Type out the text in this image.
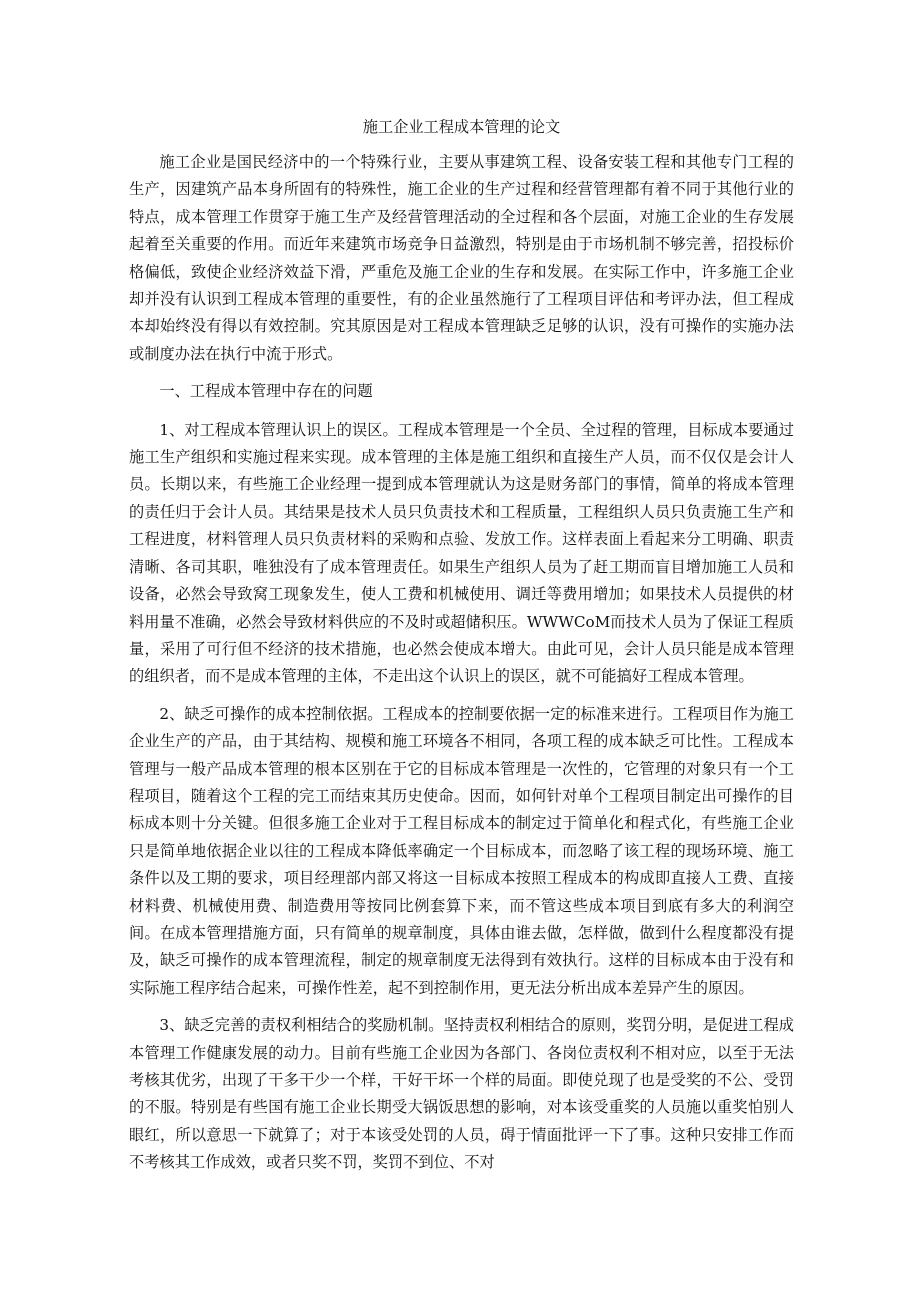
施工企业工程成本管理的论文

施工企业是国民经济中的一个特殊行业，主要从事建筑工程、设备安装工程和其他专门工程的生产，因建筑产品本身所固有的特殊性，施工企业的生产过程和经营管理都有着不同于其他行业的特点，成本管理工作贯穿于施工生产及经营管理活动的全过程和各个层面，对施工企业的生存发展起着至关重要的作用。而近年来建筑市场竞争日益激烈，特别是由于市场机制不够完善，招投标价格偏低，致使企业经济效益下滑，严重危及施工企业的生存和发展。在实际工作中，许多施工企业却并没有认识到工程成本管理的重要性，有的企业虽然施行了工程项目评估和考评办法，但工程成本却始终没有得以有效控制。究其原因是对工程成本管理缺乏足够的认识，没有可操作的实施办法或制度办法在执行中流于形式。

一、工程成本管理中存在的问题

1、对工程成本管理认识上的误区。工程成本管理是一个全员、全过程的管理，目标成本要通过施工生产组织和实施过程来实现。成本管理的主体是施工组织和直接生产人员，而不仅仅是会计人员。长期以来，有些施工企业经理一提到成本管理就认为这是财务部门的事情，简单的将成本管理的责任归于会计人员。其结果是技术人员只负责技术和工程质量，工程组织人员只负责施工生产和工程进度，材料管理人员只负责材料的采购和点验、发放工作。这样表面上看起来分工明确、职责清晰、各司其职，唯独没有了成本管理责任。如果生产组织人员为了赶工期而盲目增加施工人员和设备，必然会导致窝工现象发生，使人工费和机械使用、调迁等费用增加；如果技术人员提供的材料用量不准确，必然会导致材料供应的不及时或超储积压。WWWCoM而技术人员为了保证工程质量，采用了可行但不经济的技术措施，也必然会使成本增大。由此可见，会计人员只能是成本管理的组织者，而不是成本管理的主体，不走出这个认识上的误区，就不可能搞好工程成本管理。

2、缺乏可操作的成本控制依据。工程成本的控制要依据一定的标准来进行。工程项目作为施工企业生产的产品，由于其结构、规模和施工环境各不相同，各项工程的成本缺乏可比性。工程成本管理与一般产品成本管理的根本区别在于它的目标成本管理是一次性的，它管理的对象只有一个工程项目，随着这个工程的完工而结束其历史使命。因而，如何针对单个工程项目制定出可操作的目标成本则十分关键。但很多施工企业对于工程目标成本的制定过于简单化和程式化，有些施工企业只是简单地依据企业以往的工程成本降低率确定一个目标成本，而忽略了该工程的现场环境、施工条件以及工期的要求，项目经理部内部又将这一目标成本按照工程成本的构成即直接人工费、直接材料费、机械使用费、制造费用等按同比例套算下来，而不管这些成本项目到底有多大的利润空间。在成本管理措施方面，只有简单的规章制度，具体由谁去做，怎样做，做到什么程度都没有提及，缺乏可操作的成本管理流程，制定的规章制度无法得到有效执行。这样的目标成本由于没有和实际施工程序结合起来，可操作性差，起不到控制作用，更无法分析出成本差异产生的原因。

3、缺乏完善的责权利相结合的奖励机制。坚持责权利相结合的原则，奖罚分明，是促进工程成本管理工作健康发展的动力。目前有些施工企业因为各部门、各岗位责权利不相对应，以至于无法考核其优劣，出现了干多干少一个样，干好干坏一个样的局面。即使兑现了也是受奖的不公、受罚的不服。特别是有些国有施工企业长期受大锅饭思想的影响，对本该受重奖的人员施以重奖怕别人眼红，所以意思一下就算了；对于本该受处罚的人员，碍于情面批评一下了事。这种只安排工作而不考核其工作成效，或者只奖不罚，奖罚不到位、不对
